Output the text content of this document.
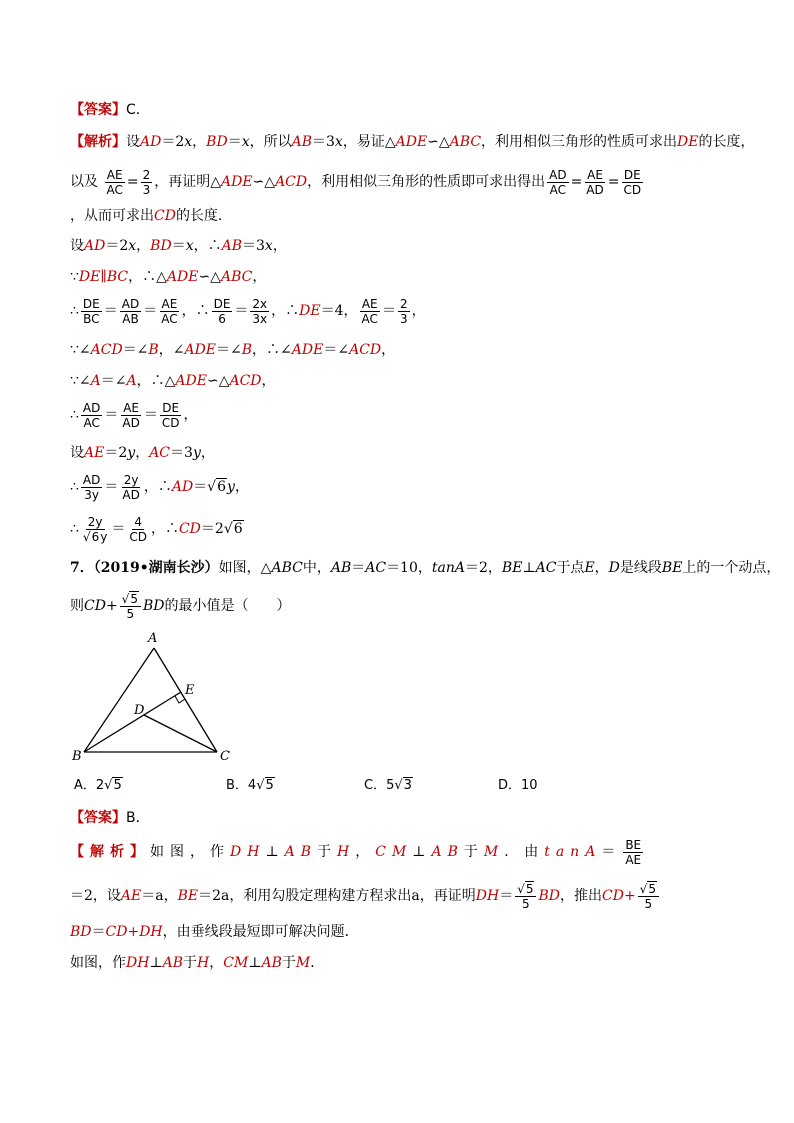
【答案】C．
【解析】设AD＝2x，BD＝x，所以AB＝3x，易证△ADE∽△ABC，利用相似三角形的性质可求出DE的长度，
以及 $\frac{AE}{AC} = \frac{2}{3}$ ，再证明△ADE∽△ACD，利用相似三角形的性质即可求出得出 $\frac{AD}{AC} = \frac{AE}{AD} = \frac{DE}{CD}$
，从而可求出CD的长度．
设AD＝2x，BD＝x，∴AB＝3x，
∵DE∥BC，∴△ADE∽△ABC，
∴ $\frac{DE}{BC} = \frac{AD}{AB} = \frac{AE}{AC}$ ，∴ $\frac{DE}{6} = \frac{2x}{3x}$ ，∴DE＝4， $\frac{AE}{AC} = \frac{2}{3}$ ，
∵∠ACD＝∠B，∠ADE＝∠B，∴∠ADE＝∠ACD，
∵∠A＝∠A，∴△ADE∽△ACD，
∴ $\frac{AD}{AC} = \frac{AE}{AD} = \frac{DE}{CD}$ ，
设AE＝2y，AC＝3y，
∴ $\frac{AD}{3y} = \frac{2y}{AD}$ ，∴AD＝√6y，
∴ $\frac{2y}{√6y} = \frac{4}{CD}$ ，∴CD＝2√6
7．（2019•湖南长沙）如图，△ABC中，AB＝AC＝10，tanA＝2，BE⊥AC于点E，D是线段BE上的一个动点，
则$CD+ \frac{√5}{5}$ BD的最小值是（　　）
A
B	C
D
E
A．2√5	B．4√5	C．5√3	D．10
【答案】B．
【解析】如图，作DH⊥AB于H，CM⊥AB于M．由$\tan A= \frac{BE}{AE}$
＝2，设AE＝a，BE＝2a，利用勾股定理构建方程求出a，再证明$DH= \frac{√5}{5}$ BD，推出$CD+ \frac{√5}{5}$
BD＝CD+DH，由垂线段最短即可解决问题．
如图，作DH⊥AB于H，CM⊥AB于M．
